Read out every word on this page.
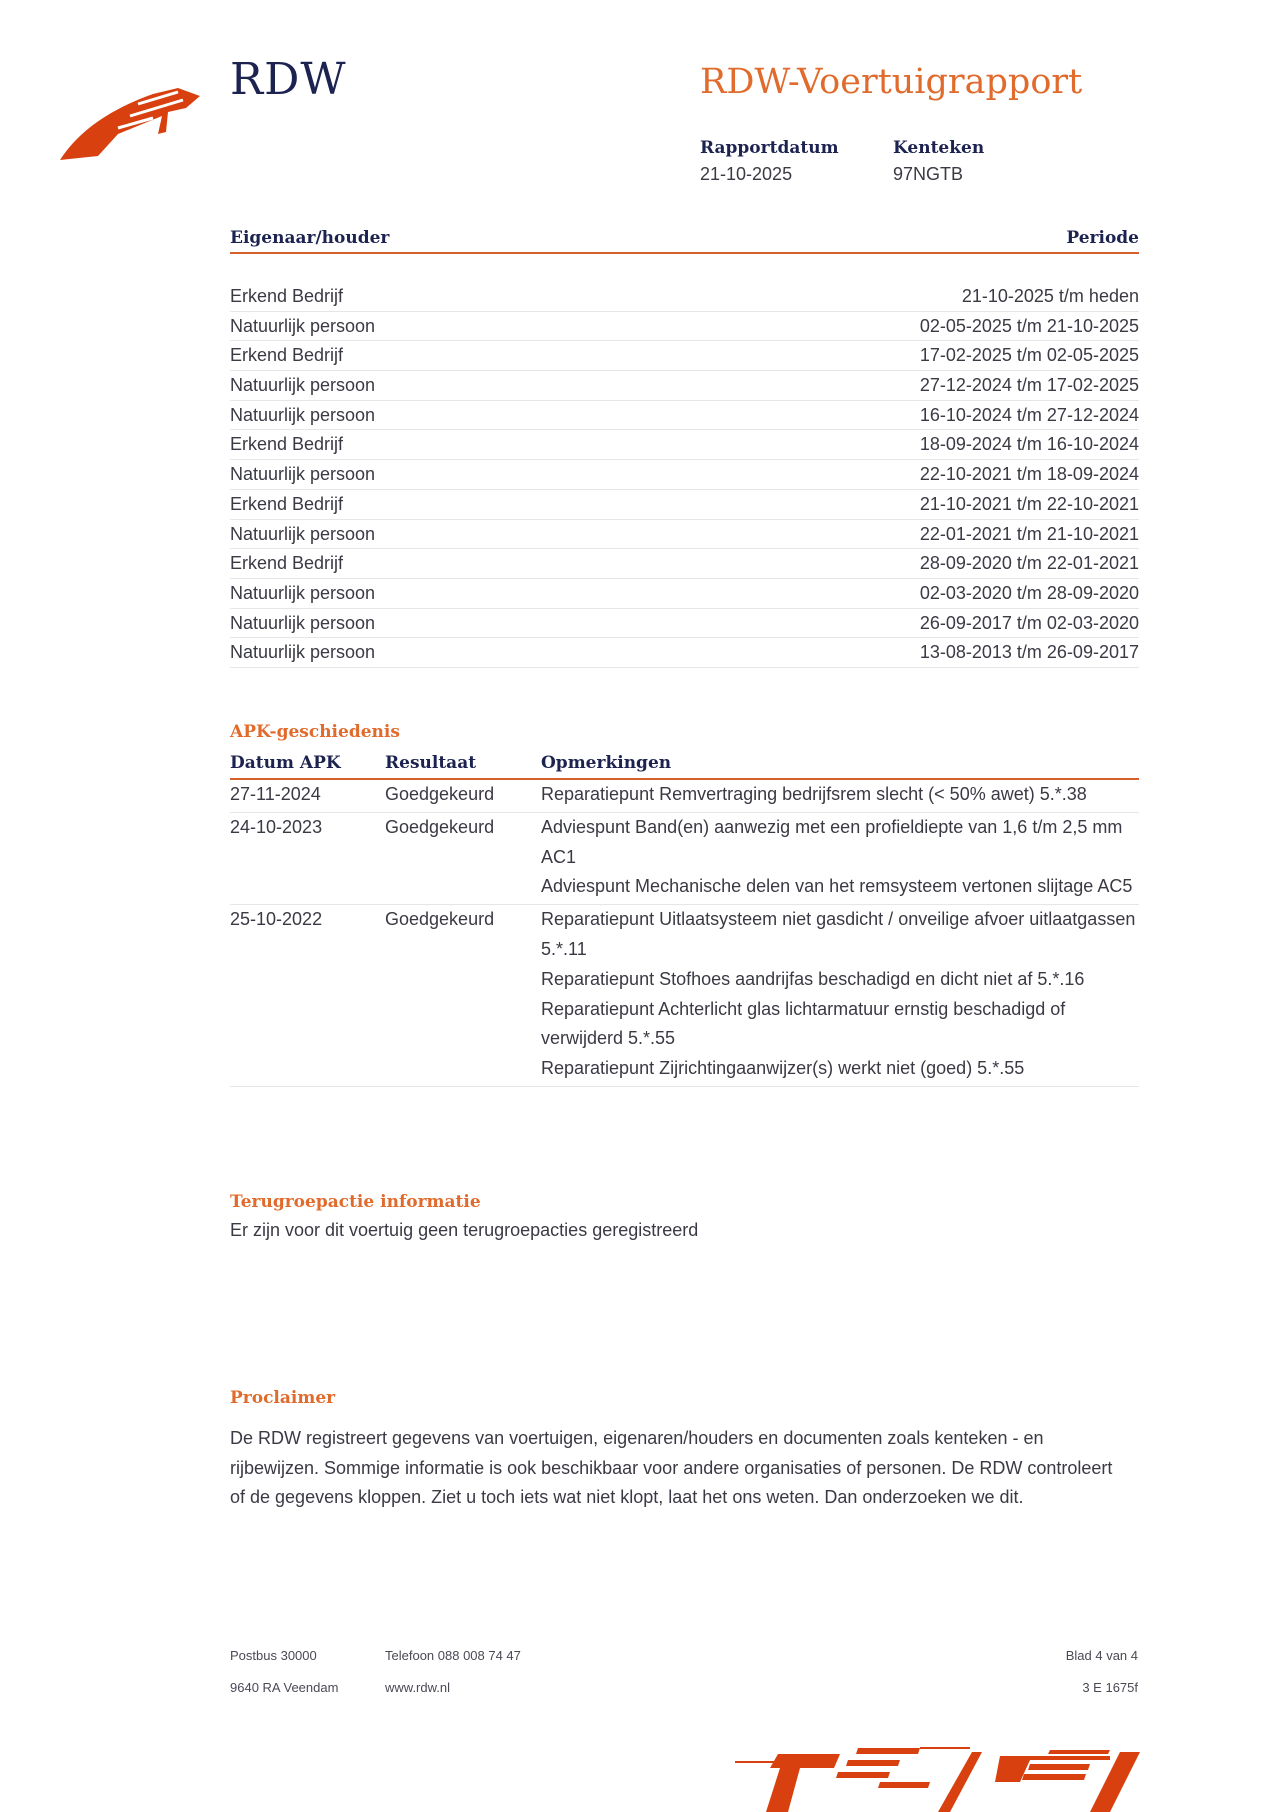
RDW	RDW-Voertuigrapport
Rapportdatum
21-10-2025
Kenteken
97NGTB
Eigenaar/houder	Periode
Erkend Bedrijf	21-10-2025 t/m heden
Natuurlijk persoon	02-05-2025 t/m 21-10-2025
Erkend Bedrijf	17-02-2025 t/m 02-05-2025
Natuurlijk persoon	27-12-2024 t/m 17-02-2025
Natuurlijk persoon	16-10-2024 t/m 27-12-2024
Erkend Bedrijf	18-09-2024 t/m 16-10-2024
Natuurlijk persoon	22-10-2021 t/m 18-09-2024
Erkend Bedrijf	21-10-2021 t/m 22-10-2021
Natuurlijk persoon	22-01-2021 t/m 21-10-2021
Erkend Bedrijf	28-09-2020 t/m 22-01-2021
Natuurlijk persoon	02-03-2020 t/m 28-09-2020
Natuurlijk persoon	26-09-2017 t/m 02-03-2020
Natuurlijk persoon	13-08-2013 t/m 26-09-2017
APK-geschiedenis
Datum APK	Resultaat	Opmerkingen
27-11-2024	Goedgekeurd	Reparatiepunt Remvertraging bedrijfsrem slecht (< 50% awet) 5.*.38
24-10-2023	Goedgekeurd	Adviespunt Band(en) aanwezig met een profieldiepte van 1,6 t/m 2,5 mm AC1
Adviespunt Mechanische delen van het remsysteem vertonen slijtage AC5
25-10-2022	Goedgekeurd	Reparatiepunt Uitlaatsysteem niet gasdicht / onveilige afvoer uitlaatgassen 5.*.11
Reparatiepunt Stofhoes aandrijfas beschadigd en dicht niet af 5.*.16
Reparatiepunt Achterlicht glas lichtarmatuur ernstig beschadigd of verwijderd 5.*.55
Reparatiepunt Zijrichtingaanwijzer(s) werkt niet (goed) 5.*.55
Terugroepactie informatie
Er zijn voor dit voertuig geen terugroepacties geregistreerd
Proclaimer
De RDW registreert gegevens van voertuigen, eigenaren/houders en documenten zoals kenteken - en rijbewijzen. Sommige informatie is ook beschikbaar voor andere organisaties of personen. De RDW controleert of de gegevens kloppen. Ziet u toch iets wat niet klopt, laat het ons weten. Dan onderzoeken we dit.
Postbus 30000
9640 RA Veendam
Telefoon 088 008 74 47
www.rdw.nl
Blad 4 van 4
3 E 1675f
